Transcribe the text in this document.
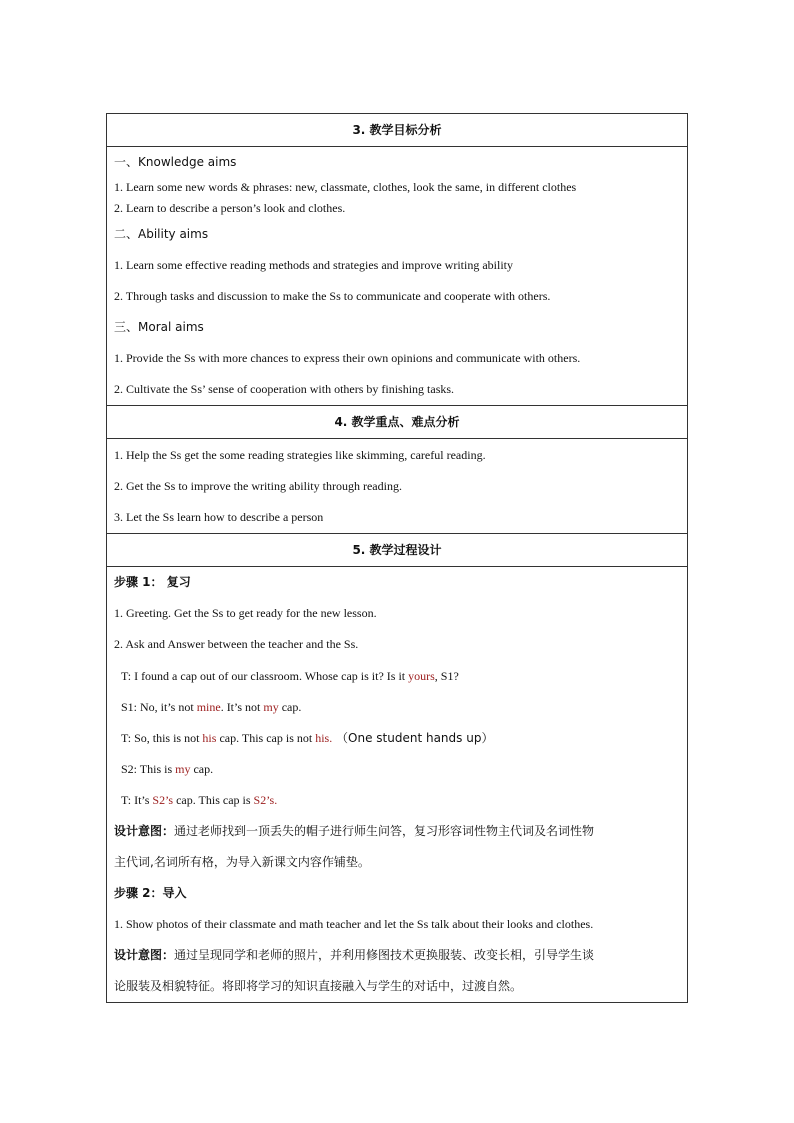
3. 教学目标分析
一、Knowledge aims
1. Learn some new words & phrases: new, classmate, clothes, look the same, in different clothes
2. Learn to describe a person’s look and clothes.
二、Ability aims
1. Learn some effective reading methods and strategies and improve writing ability
2. Through tasks and discussion to make the Ss to communicate and cooperate with others.
三、Moral aims
1. Provide the Ss with more chances to express their own opinions and communicate with others.
2. Cultivate the Ss’ sense of cooperation with others by finishing tasks.
4. 教学重点、难点分析
1. Help the Ss get the some reading strategies like skimming, careful reading.
2. Get the Ss to improve the writing ability through reading.
3. Let the Ss learn how to describe a person
5. 教学过程设计
步骤 1： 复习
1. Greeting. Get the Ss to get ready for the new lesson.
2. Ask and Answer between the teacher and the Ss.
T: I found a cap out of our classroom. Whose cap is it? Is it yours, S1?
S1: No, it’s not mine. It’s not my cap.
T: So, this is not his cap. This cap is not his. （One student hands up）
S2: This is my cap.
T: It’s S2’s cap. This cap is S2’s.
设计意图：通过老师找到一顶丢失的帽子进行师生问答，复习形容词性物主代词及名词性物
主代词,名词所有格，为导入新课文内容作铺垫。
步骤 2：导入
1. Show photos of their classmate and math teacher and let the Ss talk about their looks and clothes.
设计意图：通过呈现同学和老师的照片，并利用修图技术更换服装、改变长相，引导学生谈
论服装及相貌特征。将即将学习的知识直接融入与学生的对话中，过渡自然。
